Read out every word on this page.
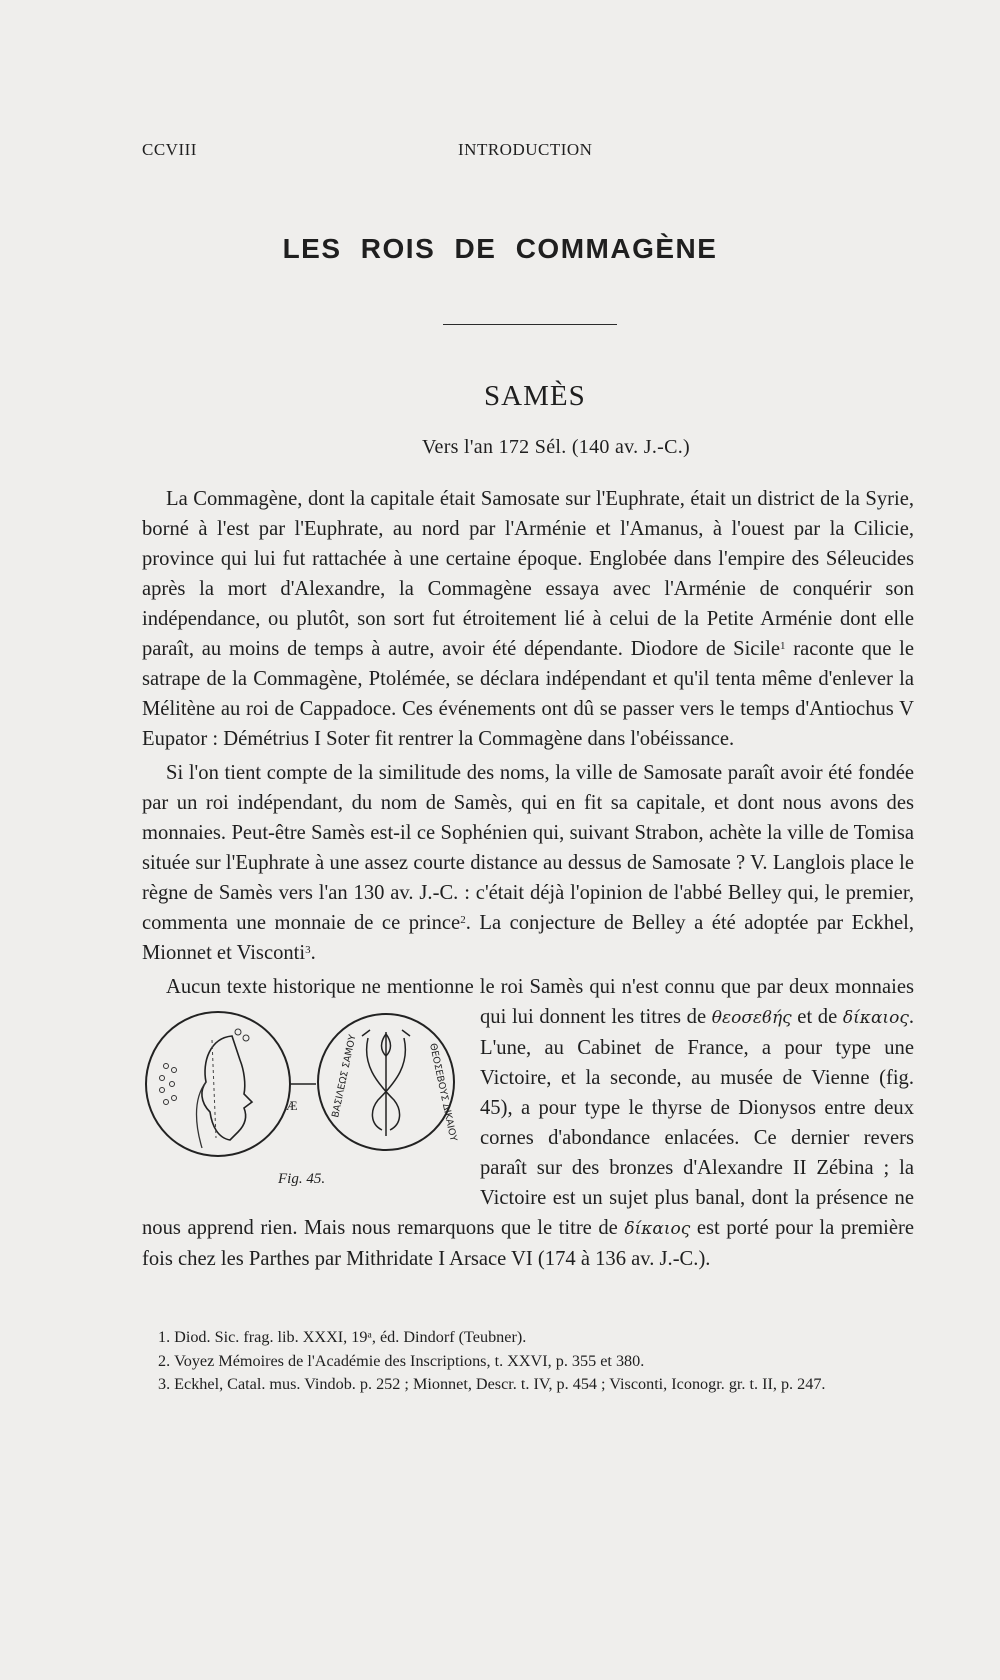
CCVIII	INTRODUCTION
LES ROIS DE COMMAGÈNE
SAMÈS
Vers l'an 172 Sél. (140 av. J.-C.)

La Commagène, dont la capitale était Samosate sur l'Euphrate, était un district de la Syrie, borné à l'est par l'Euphrate, au nord par l'Arménie et l'Amanus, à l'ouest par la Cilicie, province qui lui fut rattachée à une certaine époque. Englobée dans l'empire des Séleucides après la mort d'Alexandre, la Commagène essaya avec l'Arménie de conquérir son indépendance, ou plutôt, son sort fut étroitement lié à celui de la Petite Arménie dont elle paraît, au moins de temps à autre, avoir été dépendante. Diodore de Sicile$^1$ raconte que le satrape de la Commagène, Ptolémée, se déclara indépendant et qu'il tenta même d'enlever la Mélitène au roi de Cappadoce. Ces événements ont dû se passer vers le temps d'Antiochus V Eupator : Démétrius I Soter fit rentrer la Commagène dans l'obéissance.

Si l'on tient compte de la similitude des noms, la ville de Samosate paraît avoir été fondée par un roi indépendant, du nom de Samès, qui en fit sa capitale, et dont nous avons des monnaies. Peut-être Samès est-il ce Sophénien qui, suivant Strabon, achète la ville de Tomisa située sur l'Euphrate à une assez courte distance au dessus de Samosate ? V. Langlois place le règne de Samès vers l'an 130 av. J.-C. : c'était déjà l'opinion de l'abbé Belley qui, le premier, commenta une monnaie de ce prince$^2$. La conjecture de Belley a été adoptée par Eckhel, Mionnet et Visconti$^3$.

Aucun texte historique ne mentionne le roi Samès qui n'est connu que par deux monnaies qui lui donnent les titres de θεοσεϐής et de δίκαιος
Æ	ΒΑΣΙΛΕΩΣ ΣΑΜΟΥ	ΘΕΟΣΕΒΟΥΣ ΔΙΚΑΙΟΥ
Fig. 45.
. L'une, au Cabinet de France, a pour type une Victoire, et la seconde, au musée de Vienne (fig. 45), a pour type le thyrse de Dionysos entre deux cornes d'abondance enlacées. Ce dernier revers paraît sur des bronzes d'Alexandre II Zébina ; la Victoire est un sujet plus banal, dont la présence ne nous apprend rien. Mais nous remarquons que le titre de δίκαιος est porté pour la première fois chez les Parthes par Mithridate I Arsace VI (174 à 136 av. J.-C.).

1. Diod. Sic. frag. lib. XXXI, 19ᵃ, éd. Dindorf (Teubner).

2. Voyez Mémoires de l'Académie des Inscriptions, t. XXVI, p. 355 et 380.

3. Eckhel, Catal. mus. Vindob. p. 252 ; Mionnet, Descr. t. IV, p. 454 ; Visconti, Iconogr. gr. t. II, p. 247.
